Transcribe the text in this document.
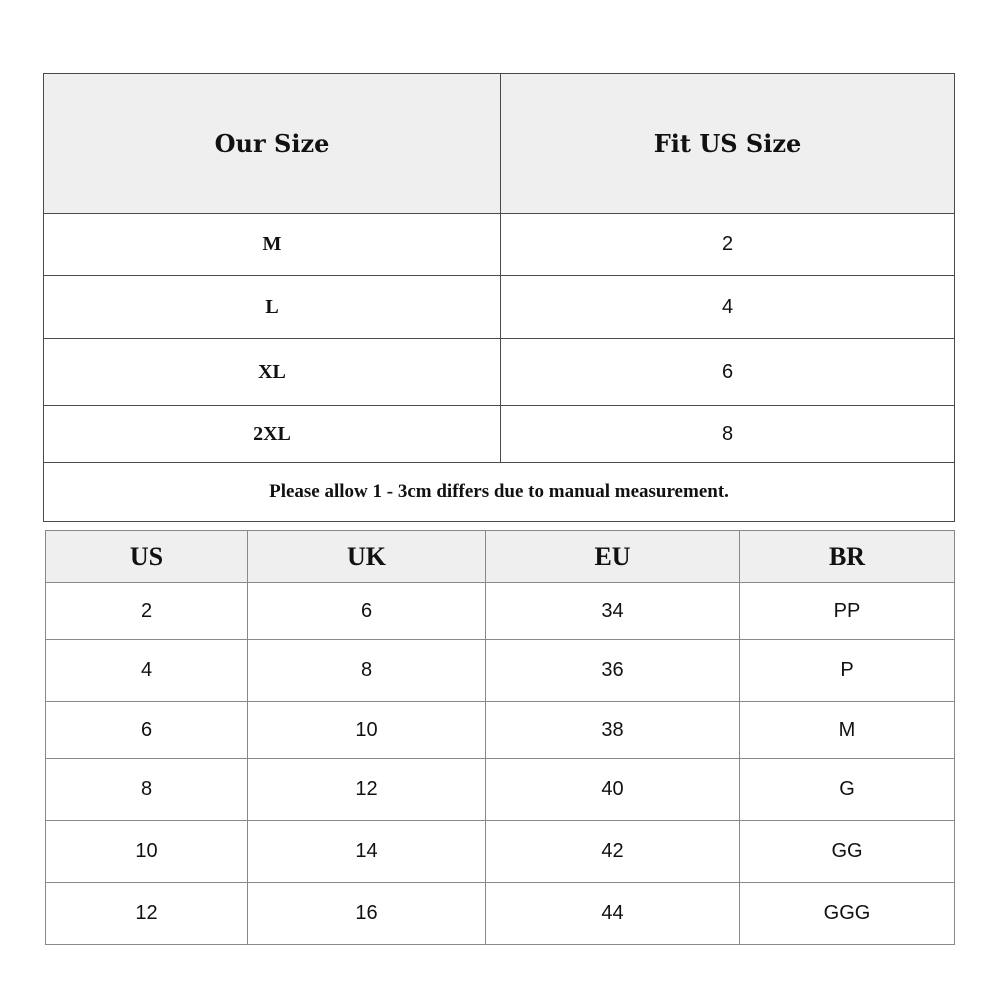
Our Size	Fit US Size
M	2
L	4
XL	6
2XL	8
Please allow 1 - 3cm differs due to manual measurement.	
US	UK	EU	BR
2	6	34	PP
4	8	36	P
6	10	38	M
8	12	40	G
10	14	42	GG
12	16	44	GGG
